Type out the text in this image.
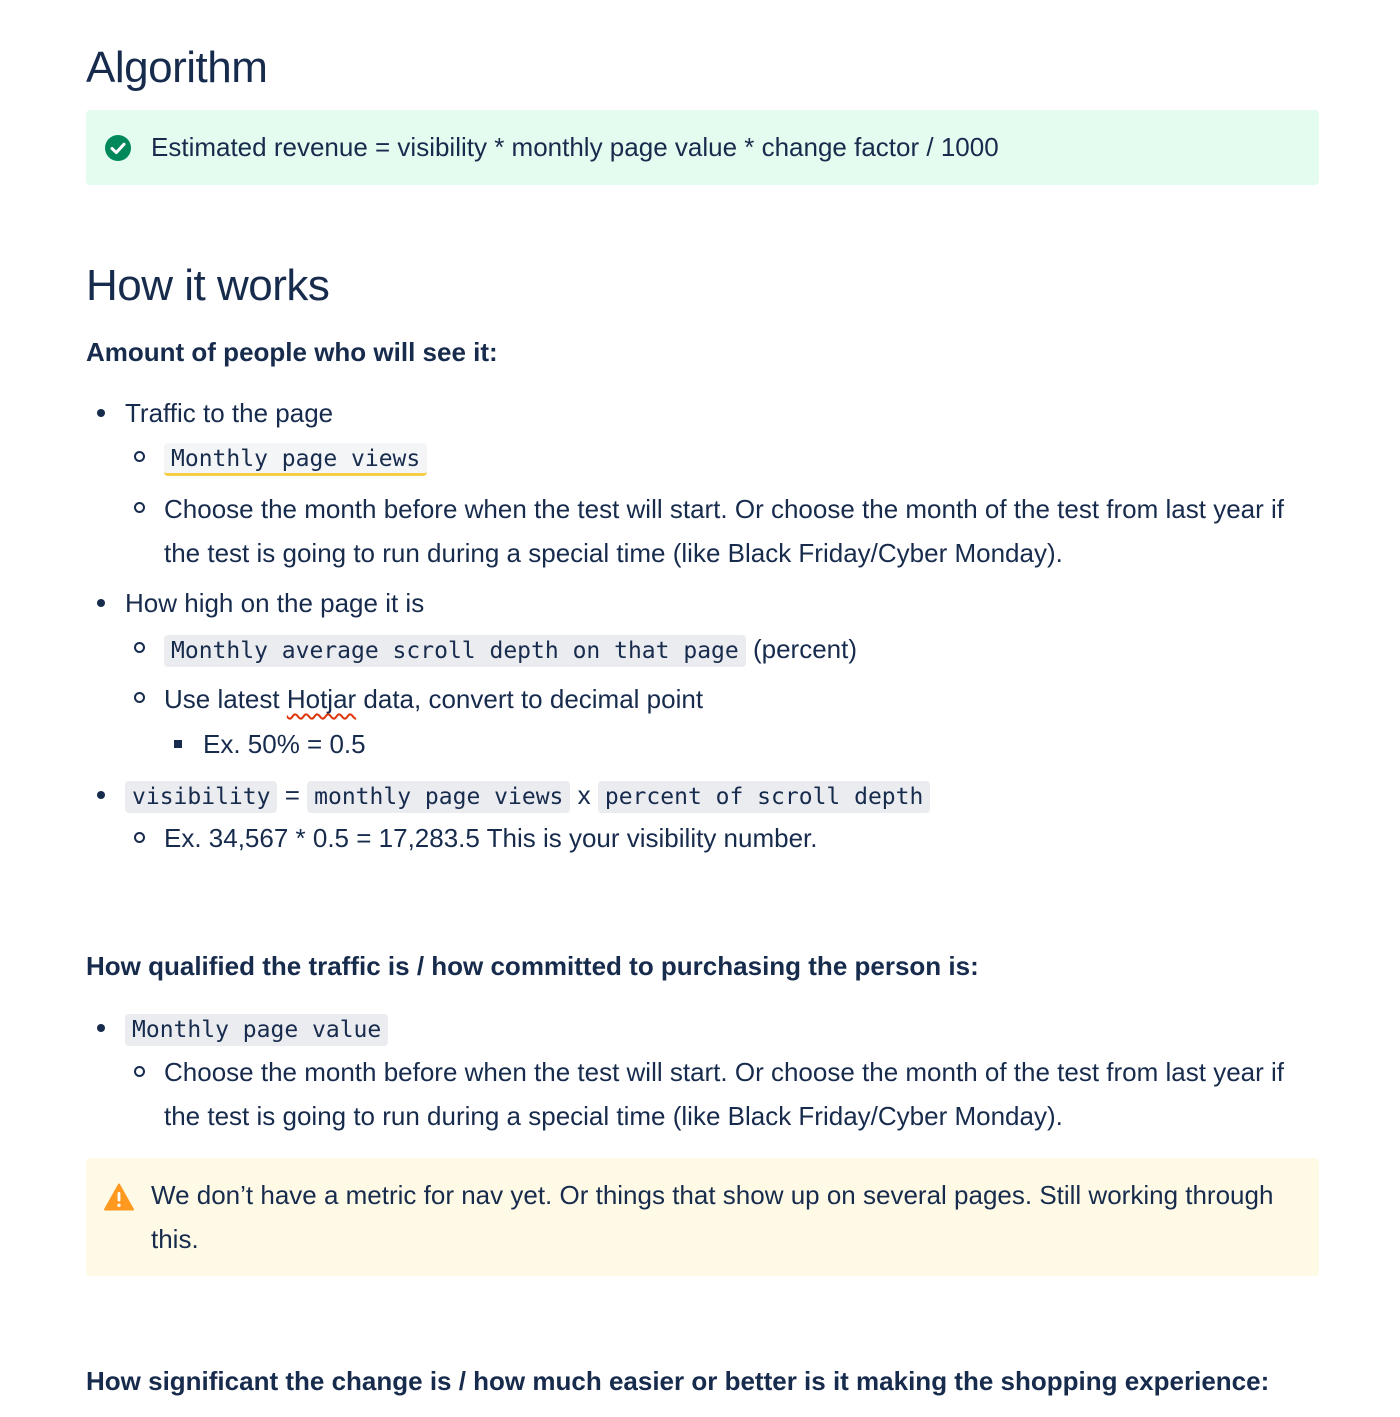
Algorithm
Estimated revenue = visibility * monthly page value * change factor / 1000
How it works
Amount of people who will see it:
Traffic to the page
Monthly page views
Choose the month before when the test will start. Or choose the month of the test from last year if the test is going to run during a special time (like Black Friday/Cyber Monday).
How high on the page it is
Monthly average scroll depth on that page (percent)
Use latest Hotjar data, convert to decimal point
Ex. 50% = 0.5
visibility = monthly page views x percent of scroll depth
Ex. 34,567 * 0.5 = 17,283.5 This is your visibility number.
How qualified the traffic is / how committed to purchasing the person is:
Monthly page value
Choose the month before when the test will start. Or choose the month of the test from last year if the test is going to run during a special time (like Black Friday/Cyber Monday).
We don’t have a metric for nav yet. Or things that show up on several pages. Still working through this.
How significant the change is / how much easier or better is it making the shopping experience:
